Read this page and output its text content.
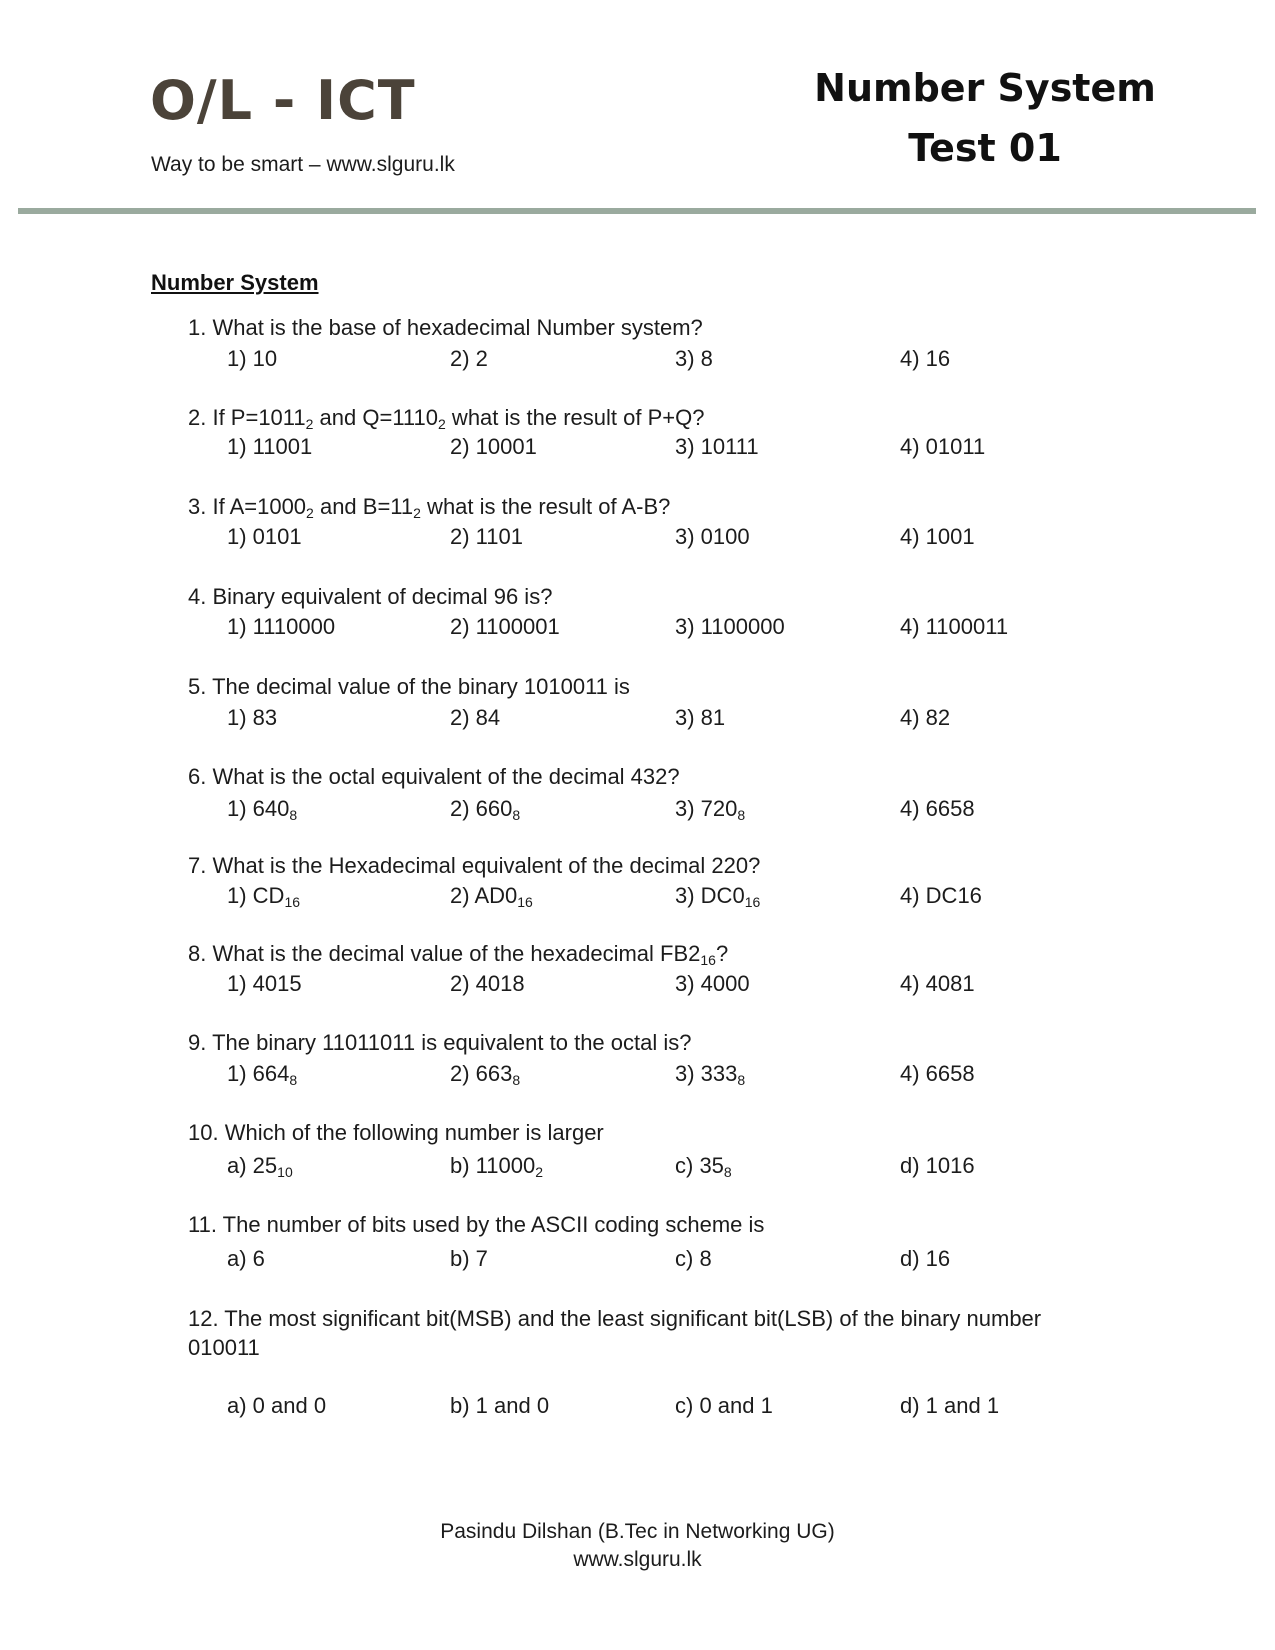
O/L - ICT
Way to be smart – www.slguru.lk
Number System
Test 01
Number System
1. What is the base of hexadecimal Number system?
1) 10	2) 2	3) 8	4) 16
2. If $P=1011_2$ and $Q=1110_2$ what is the result of P+Q?
1) 11001	2) 10001	3) 10111	4) 01011
3. If $A=1000_2$ and $B=11_2$ what is the result of A-B?
1) 0101	2) 1101	3) 0100	4) 1001
4. Binary equivalent of decimal 96 is?
1) 1110000	2) 1100001	3) 1100000	4) 1100011
5. The decimal value of the binary 1010011 is
1) 83	2) 84	3) 81	4) 82
6. What is the octal equivalent of the decimal 432?
1) $640_8$	2) $660_8$	3) $720_8$	4) 6658
7. What is the Hexadecimal equivalent of the decimal 220?
1) $CD_{16}$	2) $AD0_{16}$	3) $DC0_{16}$	4) DC16
8. What is the decimal value of the hexadecimal $FB2_{16}$?
1) 4015	2) 4018	3) 4000	4) 4081
9. The binary 11011011 is equivalent to the octal is?
1) $664_8$	2) $663_8$	3) $333_8$	4) 6658
10. Which of the following number is larger
a) $25_{10}$	b) $11000_2$	c) $35_8$	d) 1016
11. The number of bits used by the ASCII coding scheme is
a) 6	b) 7	c) 8	d) 16
12. The most significant bit(MSB) and the least significant bit(LSB) of the binary number
010011
a) 0 and 0	b) 1 and 0	c) 0 and 1	d) 1 and 1
Pasindu Dilshan (B.Tec in Networking UG)
www.slguru.lk
